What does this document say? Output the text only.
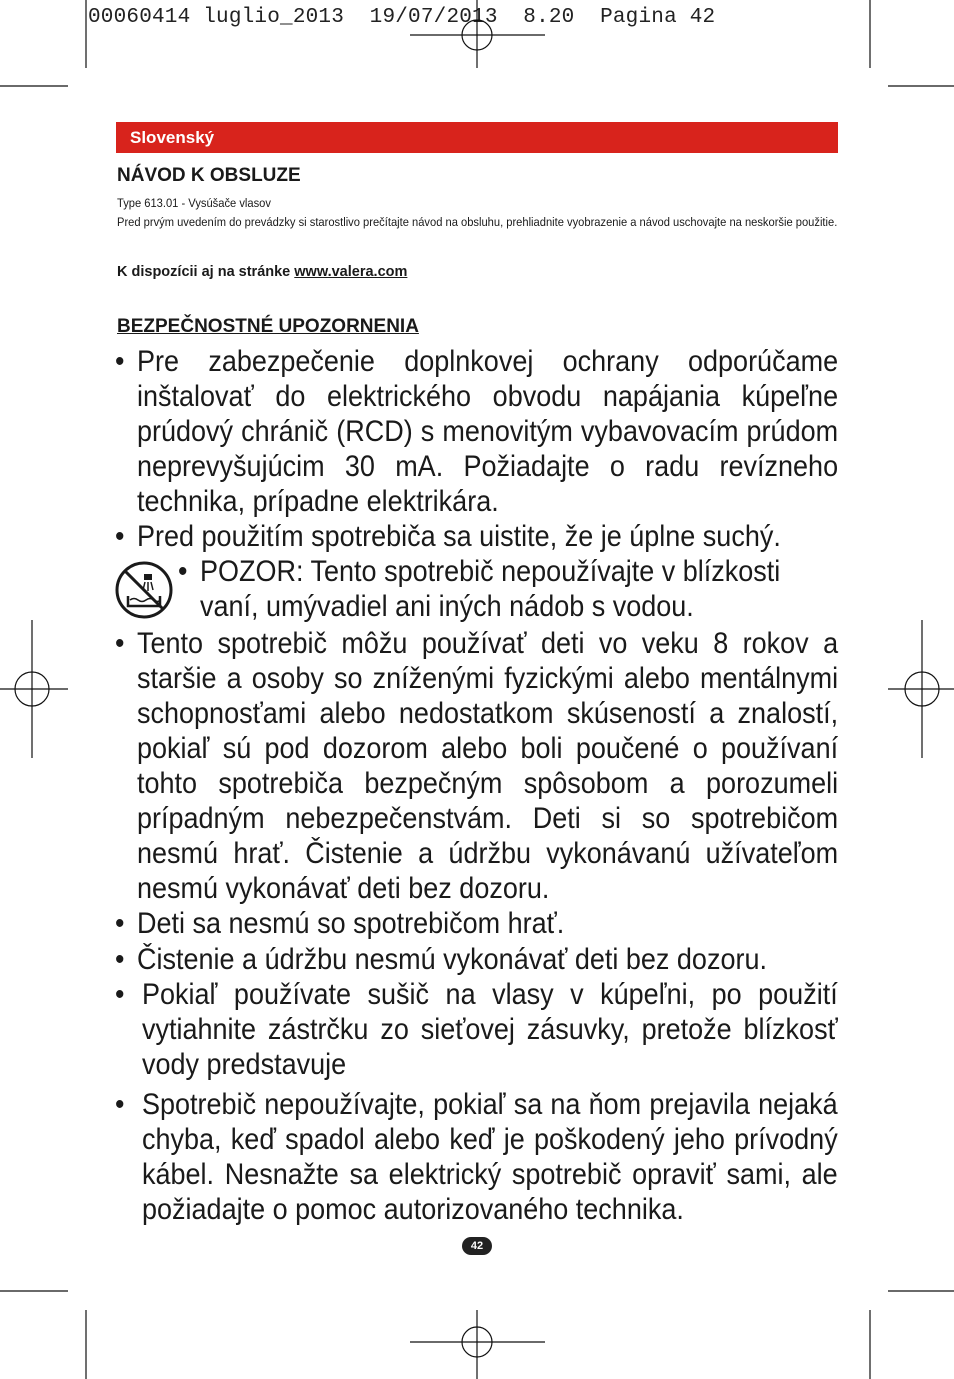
00060414 luglio_2013  19/07/2013  8.20  Pagina 42
Slovenský
NÁVOD K OBSLUZE
Type 613.01 - Vysúšače vlasov
Pred prvým uvedením do prevádzky si starostlivo prečítajte návod na obsluhu, prehliadnite vyobrazenie a návod uschovajte na neskoršie použitie.
K dispozícii aj na stránke www.valera.com
BEZPEČNOSTNÉ UPOZORNENIA
• Pre zabezpečenie doplnkovej ochrany odporúčame inštalovať do elektrického obvodu napájania kúpeľne prúdový chránič (RCD) s menovitým vybavovacím prúdom neprevyšujúcim 30 mA. Požiadajte o radu revízneho technika, prípadne elektrikára.
• Pred použitím spotrebiča sa uistite, že je úplne suchý.
• POZOR: Tento spotrebič nepoužívajte v blízkosti vaní, umývadiel ani iných nádob s vodou.
• Tento spotrebič môžu používať deti vo veku 8 rokov a staršie a osoby so zníženými fyzickými alebo mentálnymi schopnosťami alebo nedostatkom skúseností a znalostí, pokiaľ sú pod dozorom alebo boli poučené o používaní tohto spotrebiča bezpečným spôsobom a porozumeli prípadným nebezpečenstvám. Deti si so spotrebičom nesmú hrať. Čistenie a údržbu vykonávanú užívateľom nesmú vykonávať deti bez dozoru.
• Deti sa nesmú so spotrebičom hrať.
• Čistenie a údržbu nesmú vykonávať deti bez dozoru.
• Pokiaľ používate sušič na vlasy v kúpeľni, po použití vytiahnite zástrčku zo sieťovej zásuvky, pretože blízkosť vody predstavuje
• Spotrebič nepoužívajte, pokiaľ sa na ňom prejavila nejaká chyba, keď spadol alebo keď je poškodený jeho prívodný kábel. Nesnažte sa elektrický spotrebič opraviť sami, ale požiadajte o pomoc autorizovaného technika.
42
